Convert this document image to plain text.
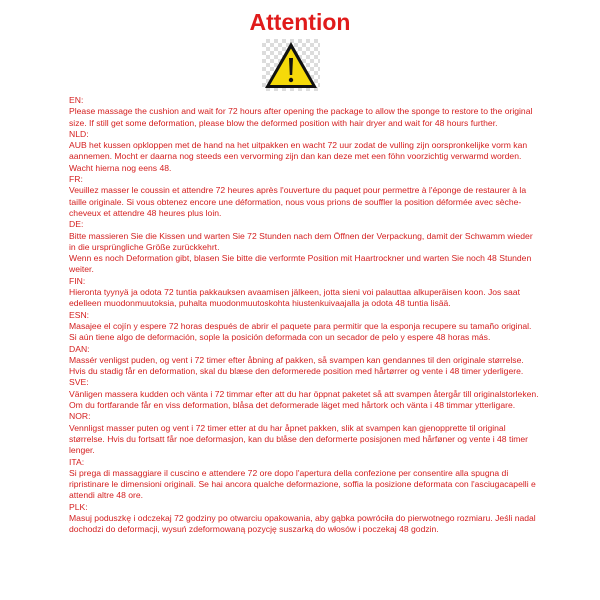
Attention

EN:

Please massage the cushion and wait for 72 hours after opening the package to allow the sponge to restore to the original size. If still get some deformation, please blow the deformed position with hair dryer and wait for 48 hours further.

NLD:

AUB het kussen opkloppen met de hand na het uitpakken en wacht 72 uur zodat de vulling zijn oorspronkelijke vorm kan aannemen. Mocht er daarna nog steeds een vervorming zijn dan kan deze met een föhn voorzichtig verwarmd worden. Wacht hierna nog eens 48.

FR:

Veuillez masser le coussin et attendre 72 heures après l'ouverture du paquet pour permettre à l'éponge de restaurer à la taille originale. Si vous obtenez encore une déformation, nous vous prions de souffler la position déformée avec sèche-cheveux et attendre 48 heures plus loin.

DE:

Bitte massieren Sie die Kissen und warten Sie 72 Stunden nach dem Öffnen der Verpackung, damit der Schwamm wieder in die ursprüngliche Größe zurückkehrt.

Wenn es noch Deformation gibt, blasen Sie bitte die verformte Position mit Haartrockner und warten Sie noch 48 Stunden weiter.

FIN:

Hieronta tyynyä ja odota 72 tuntia pakkauksen avaamisen jälkeen, jotta sieni voi palauttaa alkuperäisen koon. Jos saat edelleen muodonmuutoksia, puhalta muodonmuutoskohta hiustenkuivaajalla ja odota 48 tuntia lisää.

ESN:

Masajee el cojín y espere 72 horas después de abrir el paquete para permitir que la esponja recupere su tamaño original. Si aún tiene algo de deformación, sople la posición deformada con un secador de pelo y espere 48 horas más.

DAN:

Massér venligst puden, og vent i 72 timer efter åbning af pakken, så svampen kan gendannes til den originale størrelse. Hvis du stadig får en deformation, skal du blæse den deformerede position med hårtørrer og vente i 48 timer yderligere.

SVE:

Vänligen massera kudden och vänta i 72 timmar efter att du har öppnat paketet så att svampen återgår till originalstorleken. Om du fortfarande får en viss deformation, blåsa det deformerade läget med hårtork och vänta i 48 timmar ytterligare.

NOR:

Vennligst masser puten og vent i 72 timer etter at du har åpnet pakken, slik at svampen kan gjenopprette til original størrelse. Hvis du fortsatt får noe deformasjon, kan du blåse den deformerte posisjonen med hårføner og vente i 48 timer lenger.

ITA:

Si prega di massaggiare il cuscino e attendere 72 ore dopo l'apertura della confezione per consentire alla spugna di ripristinare le dimensioni originali. Se hai ancora qualche deformazione, soffia la posizione deformata con l'asciugacapelli e attendi altre 48 ore.

PLK:

Masuj poduszkę i odczekaj 72 godziny po otwarciu opakowania, aby gąbka powróciła do pierwotnego rozmiaru. Jeśli nadal dochodzi do deformacji, wysuń zdeformowaną pozycję suszarką do włosów i poczekaj 48 godzin.
